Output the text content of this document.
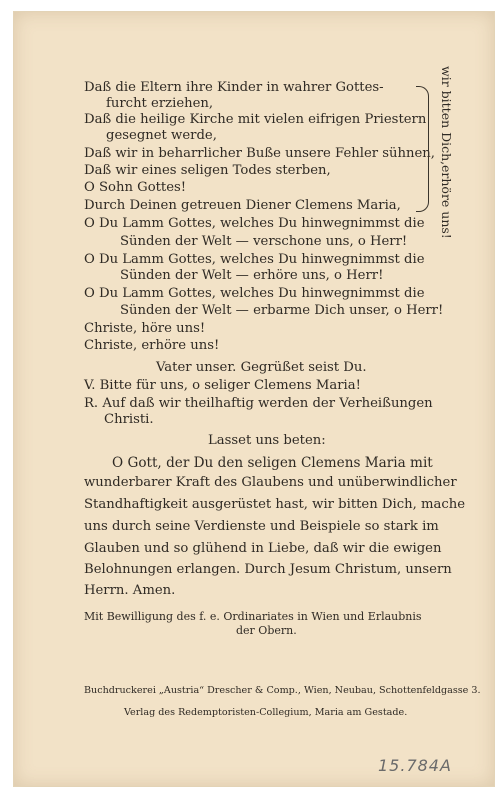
Daß die Eltern ihre Kinder in wahrer Gottes-
furcht erziehen,
Daß die heilige Kirche mit vielen eifrigen Priestern
gesegnet werde,
Daß wir in beharrlicher Buße unsere Fehler sühnen,
Daß wir eines seligen Todes sterben,
O Sohn Gottes!
Durch Deinen getreuen Diener Clemens Maria,
wir bitten Dich,
erhöre uns!
O Du Lamm Gottes, welches Du hinwegnimmst die
Sünden der Welt — verschone uns, o Herr!
O Du Lamm Gottes, welches Du hinwegnimmst die
Sünden der Welt — erhöre uns, o Herr!
O Du Lamm Gottes, welches Du hinwegnimmst die
Sünden der Welt — erbarme Dich unser, o Herr!
Christe, höre uns!
Christe, erhöre uns!
Vater unser. Gegrüßet seist Du.
V. Bitte für uns, o seliger Clemens Maria!
R. Auf daß wir theilhaftig werden der Verheißungen
Christi.
Lasset uns beten:
O Gott, der Du den seligen Clemens Maria mit
wunderbarer Kraft des Glaubens und unüberwindlicher
Standhaftigkeit ausgerüstet hast, wir bitten Dich, mache
uns durch seine Verdienste und Beispiele so stark im
Glauben und so glühend in Liebe, daß wir die ewigen
Belohnungen erlangen. Durch Jesum Christum, unsern
Herrn. Amen.
Mit Bewilligung des f. e. Ordinariates in Wien und Erlaubnis
der Obern.
Buchdruckerei „Austria“ Drescher & Comp., Wien, Neubau, Schottenfeldgasse 3.
Verlag des Redemptoristen-Collegium, Maria am Gestade.
15.784A
